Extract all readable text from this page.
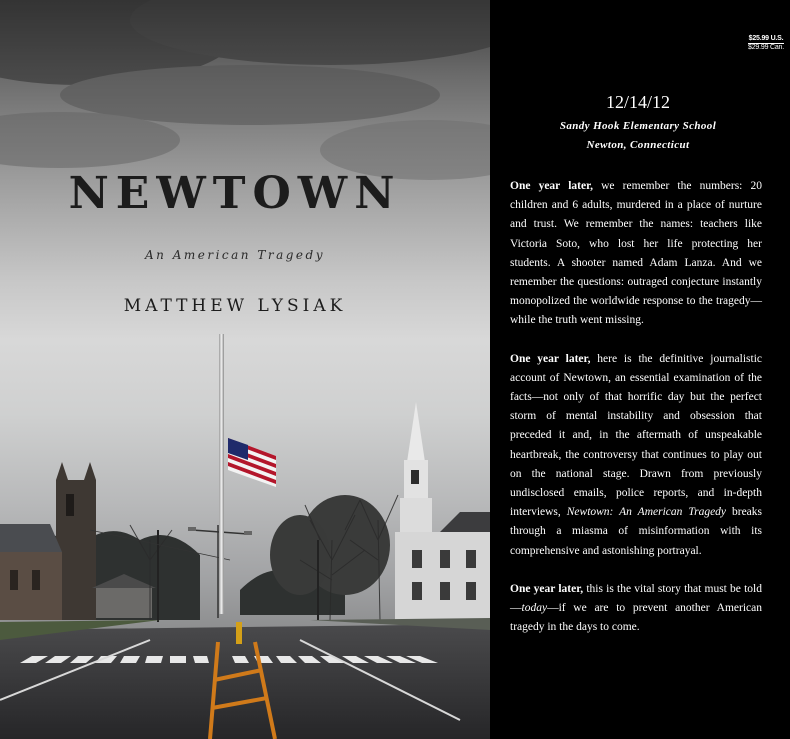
NEWTOWN
An American Tragedy
MATTHEW LYSIAK
$25.99 U.S.
$29.99 Can.
12/14/12
Sandy Hook Elementary School
Newton, Connecticut

One year later, we remember the numbers: 20 children and 6 adults, murdered in a place of nurture and trust. We remember the names: teachers like Victoria Soto, who lost her life protecting her students. A shooter named Adam Lanza. And we remember the questions: outraged conjecture instantly monopolized the worldwide response to the tragedy—while the truth went missing.

One year later, here is the definitive journalistic account of Newtown, an essential examination of the facts—not only of that horrific day but the perfect storm of mental instability and obsession that preceded it and, in the aftermath of unspeakable heartbreak, the controversy that continues to play out on the national stage. Drawn from previously undisclosed emails, police reports, and in-depth interviews, Newtown: An American Tragedy breaks through a miasma of misinformation with its comprehensive and astonishing portrayal.

One year later, this is the vital story that must be told—today—if we are to prevent another American tragedy in the days to come.
